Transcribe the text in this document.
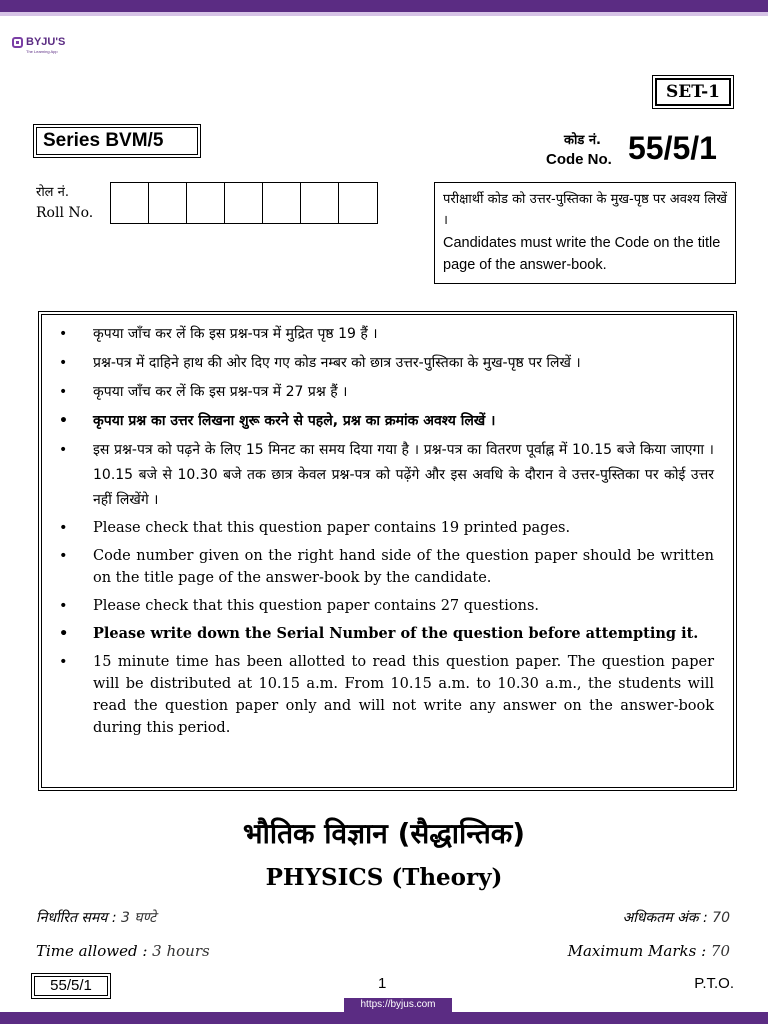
BYJU'S
The Learning App
SET-1
Series BVM/5	कोड नं.
Code No. 55/5/1
रोल नं.
Roll No.
परीक्षार्थी कोड को उत्तर-पुस्तिका के मुख-पृष्ठ पर अवश्य लिखें ।
Candidates must write the Code on the title page of the answer-book.
• कृपया जाँच कर लें कि इस प्रश्न-पत्र में मुद्रित पृष्ठ 19 हैं ।
• प्रश्न-पत्र में दाहिने हाथ की ओर दिए गए कोड नम्बर को छात्र उत्तर-पुस्तिका के मुख-पृष्ठ पर लिखें ।
• कृपया जाँच कर लें कि इस प्रश्न-पत्र में 27 प्रश्न हैं ।
• कृपया प्रश्न का उत्तर लिखना शुरू करने से पहले, प्रश्न का क्रमांक अवश्य लिखें ।
• इस प्रश्न-पत्र को पढ़ने के लिए 15 मिनट का समय दिया गया है । प्रश्न-पत्र का वितरण पूर्वाह्न में 10.15 बजे किया जाएगा । 10.15 बजे से 10.30 बजे तक छात्र केवल प्रश्न-पत्र को पढ़ेंगे और इस अवधि के दौरान वे उत्तर-पुस्तिका पर कोई उत्तर नहीं लिखेंगे ।
• Please check that this question paper contains 19 printed pages.
• Code number given on the right hand side of the question paper should be written on the title page of the answer-book by the candidate.
• Please check that this question paper contains 27 questions.
• Please write down the Serial Number of the question before attempting it.
• 15 minute time has been allotted to read this question paper. The question paper will be distributed at 10.15 a.m. From 10.15 a.m. to 10.30 a.m., the students will read the question paper only and will not write any answer on the answer-book during this period.
भौतिक विज्ञान (सैद्धान्तिक)
PHYSICS (Theory)
निर्धारित समय : 3 घण्टे	अधिकतम अंक : 70
Time allowed : 3 hours	Maximum Marks : 70
55/5/1	1	P.T.O.
https://byjus.com
